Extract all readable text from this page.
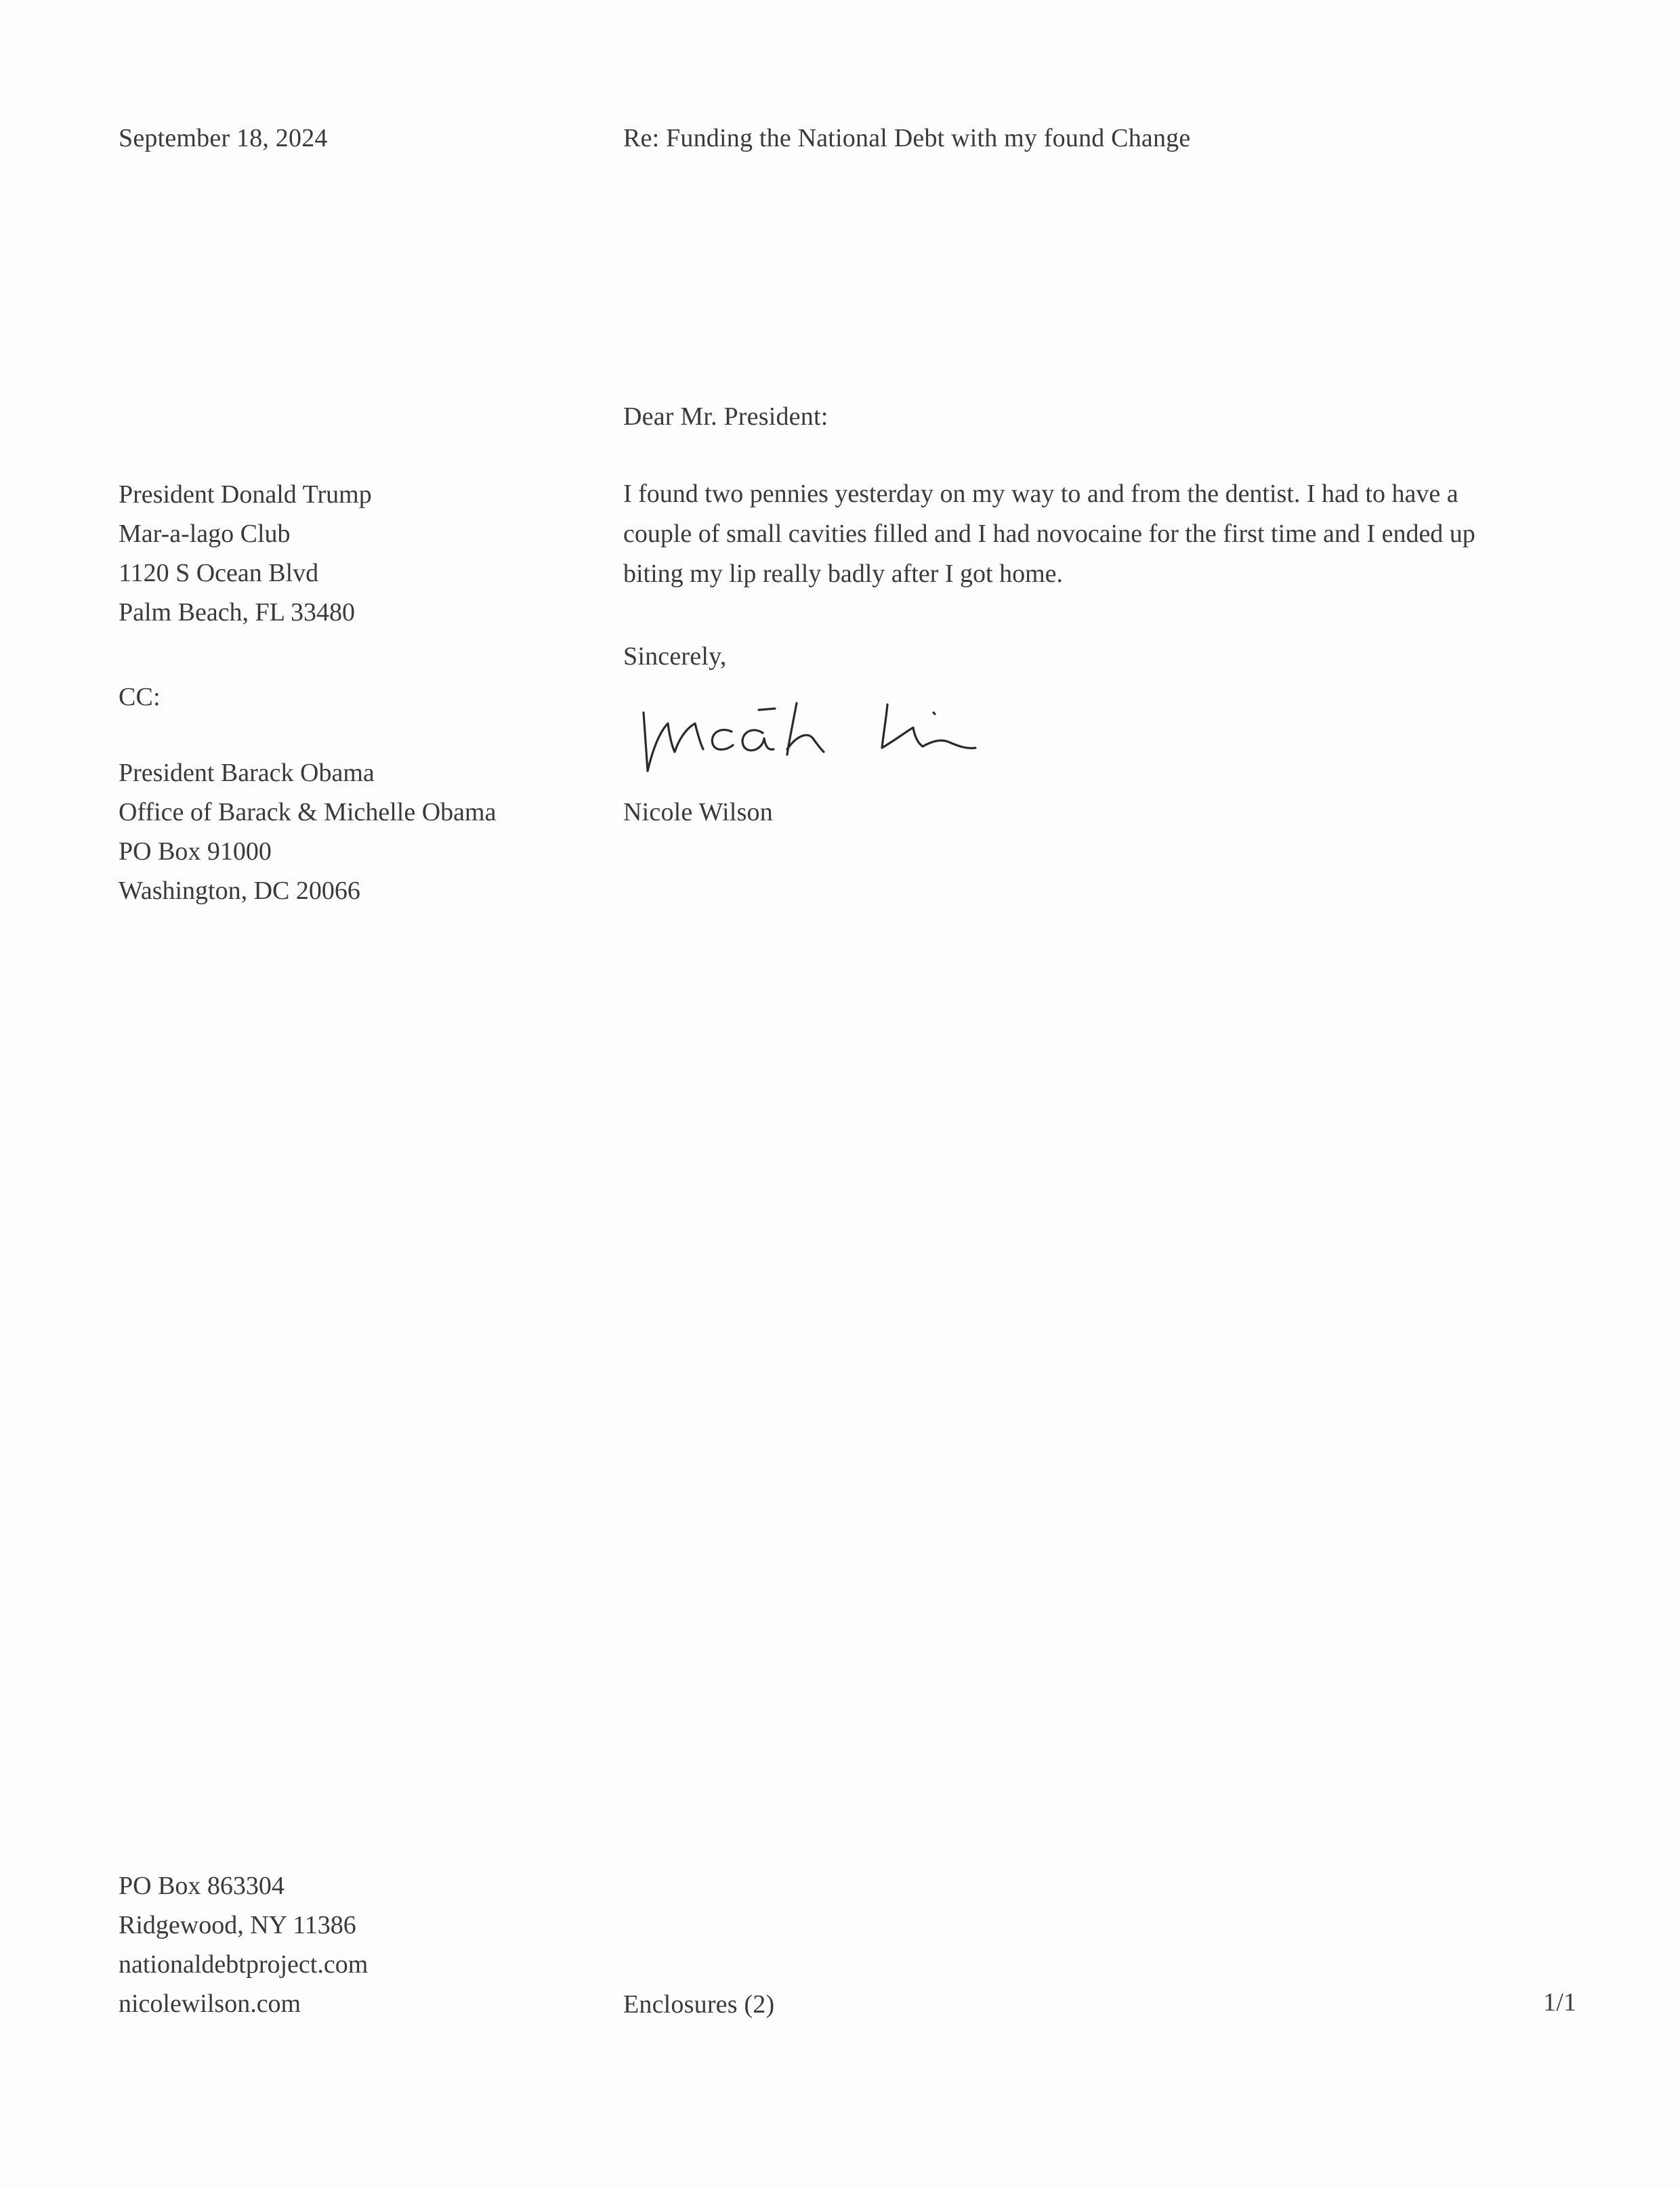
September 18, 2024	Re: Funding the National Debt with my found Change
Dear Mr. President:
President Donald Trump
Mar-a-lago Club
1120 S Ocean Blvd
Palm Beach, FL 33480
CC:
President Barack Obama
Office of Barack & Michelle Obama
PO Box 91000
Washington, DC 20066
I found two pennies yesterday on my way to and from the dentist. I had to have a
couple of small cavities filled and I had novocaine for the first time and I ended up
biting my lip really badly after I got home.
Sincerely,
Nicole Wilson
PO Box 863304
Ridgewood, NY 11386
nationaldebtproject.com
nicolewilson.com	Enclosures (2)	1/1
